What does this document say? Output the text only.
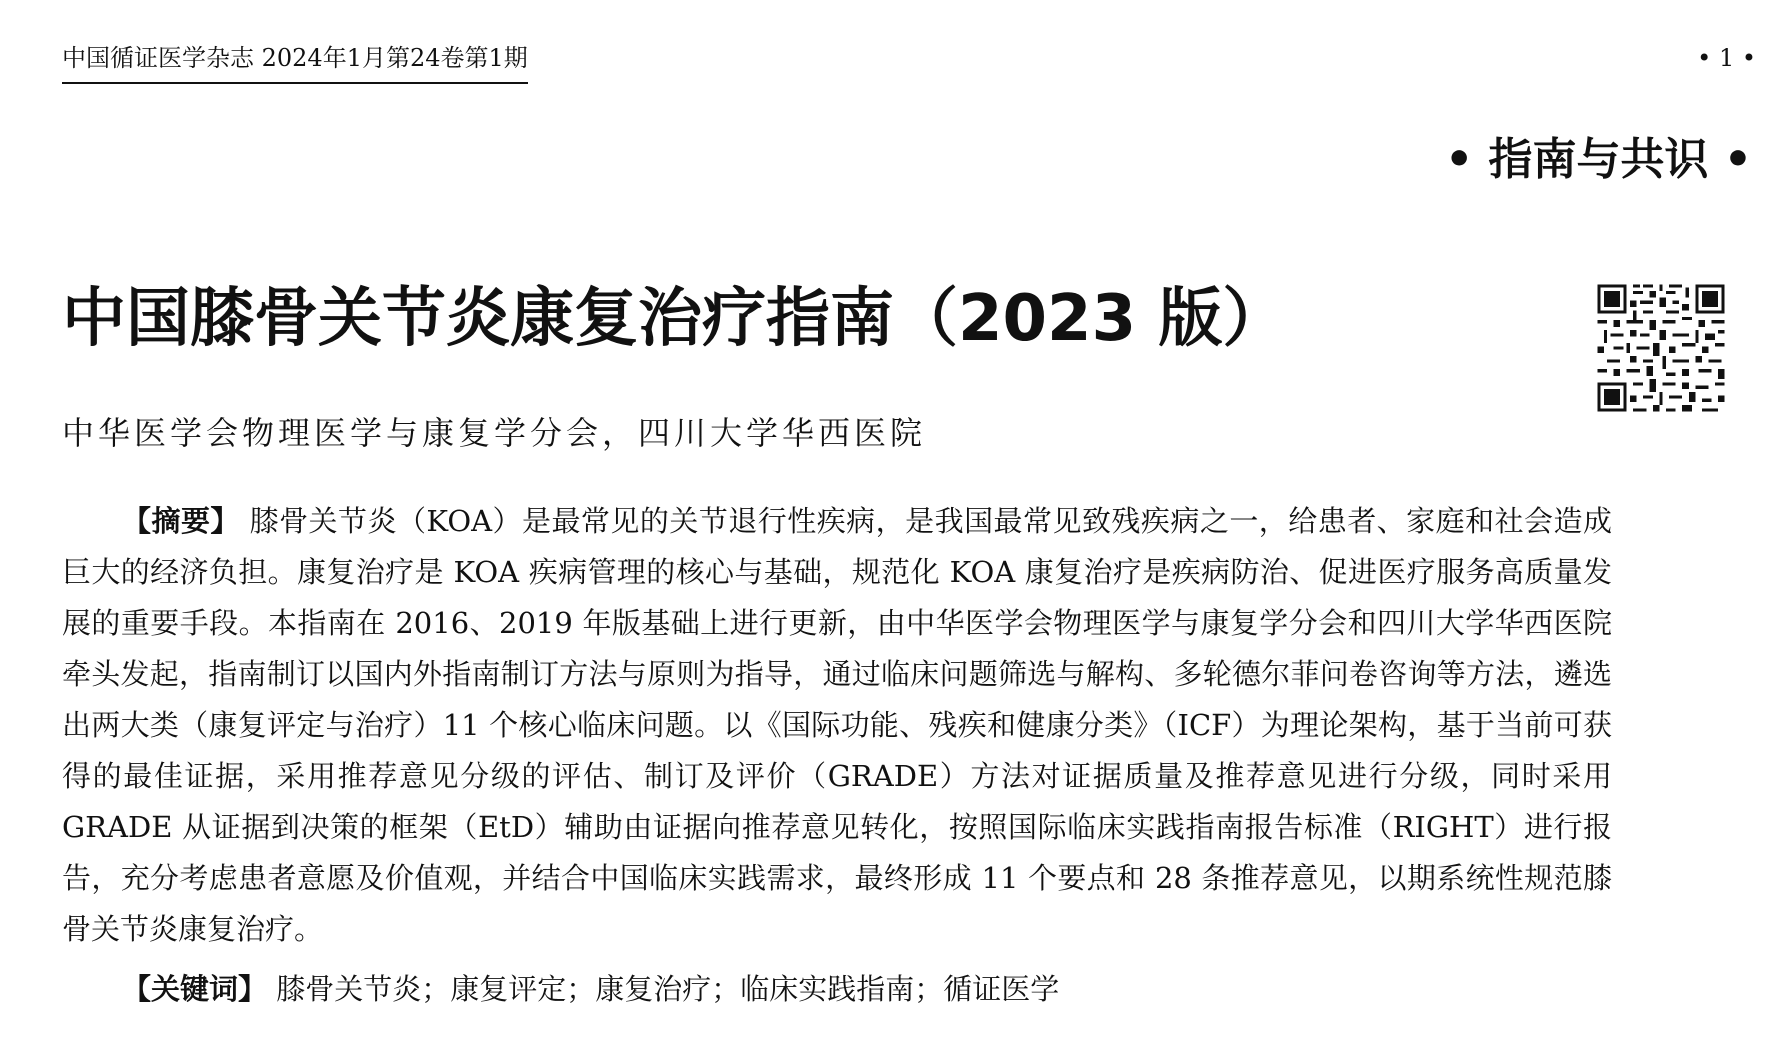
中国循证医学杂志 2024年1月第24卷第1期	• 1 •
• 指南与共识 •
中国膝骨关节炎康复治疗指南（2023 版）
中华医学会物理医学与康复学分会，四川大学华西医院

【摘要】 膝骨关节炎（KOA）是最常见的关节退行性疾病，是我国最常见致残疾病之一，给患者、家庭和社会造成巨大的经济负担。康复治疗是 KOA 疾病管理的核心与基础，规范化 KOA 康复治疗是疾病防治、促进医疗服务高质量发展的重要手段。本指南在 2016、2019 年版基础上进行更新，由中华医学会物理医学与康复学分会和四川大学华西医院牵头发起，指南制订以国内外指南制订方法与原则为指导，通过临床问题筛选与解构、多轮德尔菲问卷咨询等方法，遴选出两大类（康复评定与治疗）11 个核心临床问题。以《国际功能、残疾和健康分类》（ICF）为理论架构，基于当前可获得的最佳证据，采用推荐意见分级的评估、制订及评价（GRADE）方法对证据质量及推荐意见进行分级，同时采用 GRADE 从证据到决策的框架（EtD）辅助由证据向推荐意见转化，按照国际临床实践指南报告标准（RIGHT）进行报告，充分考虑患者意愿及价值观，并结合中国临床实践需求，最终形成 11 个要点和 28 条推荐意见，以期系统性规范膝骨关节炎康复治疗。

【关键词】 膝骨关节炎；康复评定；康复治疗；临床实践指南；循证医学
